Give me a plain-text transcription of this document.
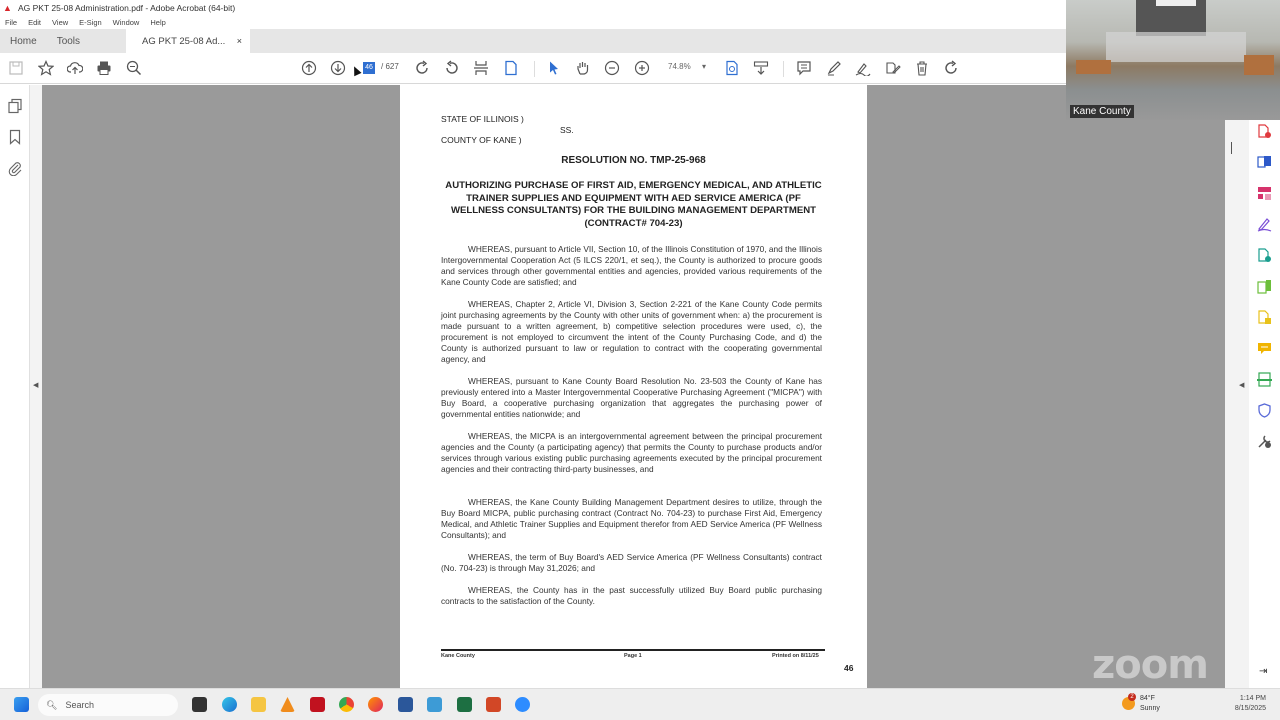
▲ AG PKT 25-08 Administration.pdf - Adobe Acrobat (64-bit)
File Edit View E-Sign Window Help
Home	Tools	AG PKT 25-08 Ad... ×
46 / 627	74.8% ▾
◀
STATE OF ILLINOIS )
SS.
COUNTY OF KANE )
RESOLUTION NO. TMP-25-968
AUTHORIZING PURCHASE OF FIRST AID, EMERGENCY MEDICAL, AND ATHLETIC TRAINER SUPPLIES AND EQUIPMENT WITH AED SERVICE AMERICA (PF WELLNESS CONSULTANTS) FOR THE BUILDING MANAGEMENT DEPARTMENT (CONTRACT# 704-23)
WHEREAS, pursuant to Article VII, Section 10, of the Illinois Constitution of 1970, and the Illinois Intergovernmental Cooperation Act (5 ILCS 220/1, et seq.), the County is authorized to procure goods and services through other governmental entities and agencies, provided various requirements of the Kane County Code are satisfied; and
WHEREAS, Chapter 2, Article VI, Division 3, Section 2-221 of the Kane County Code permits joint purchasing agreements by the County with other units of government when: a) the procurement is made pursuant to a written agreement, b) competitive selection procedures were used, c), the procurement is not employed to circumvent the intent of the County Purchasing Code, and d) the County is authorized pursuant to law or regulation to contract with the cooperating governmental agency, and
WHEREAS, pursuant to Kane County Board Resolution No. 23-503 the County of Kane has previously entered into a Master Intergovernmental Cooperative Purchasing Agreement ("MICPA") with Buy Board, a cooperative purchasing organization that aggregates the purchasing power of governmental entities nationwide; and
WHEREAS, the MICPA is an intergovernmental agreement between the principal procurement agencies and the County (a participating agency) that permits the County to purchase products and/or services through various existing public purchasing agreements executed by the principal procurement agencies and their contracting third-party businesses, and
WHEREAS, the Kane County Building Management Department desires to utilize, through the Buy Board MICPA, public purchasing contract (Contract No. 704-23) to purchase First Aid, Emergency Medical, and Athletic Trainer Supplies and Equipment therefor from AED Service America (PF Wellness Consultants); and
WHEREAS, the term of Buy Board's AED Service America (PF Wellness Consultants) contract (No. 704-23) is through May 31,2026; and
WHEREAS, the County has in the past successfully utilized Buy Board public purchasing contracts to the satisfaction of the County.
Kane County	Page 1	Printed on 8/11/25
46
◀
zoom	⇥
Kane County
🔍︎ Search
2 84°F
Sunny
1:14 PM
8/15/2025
